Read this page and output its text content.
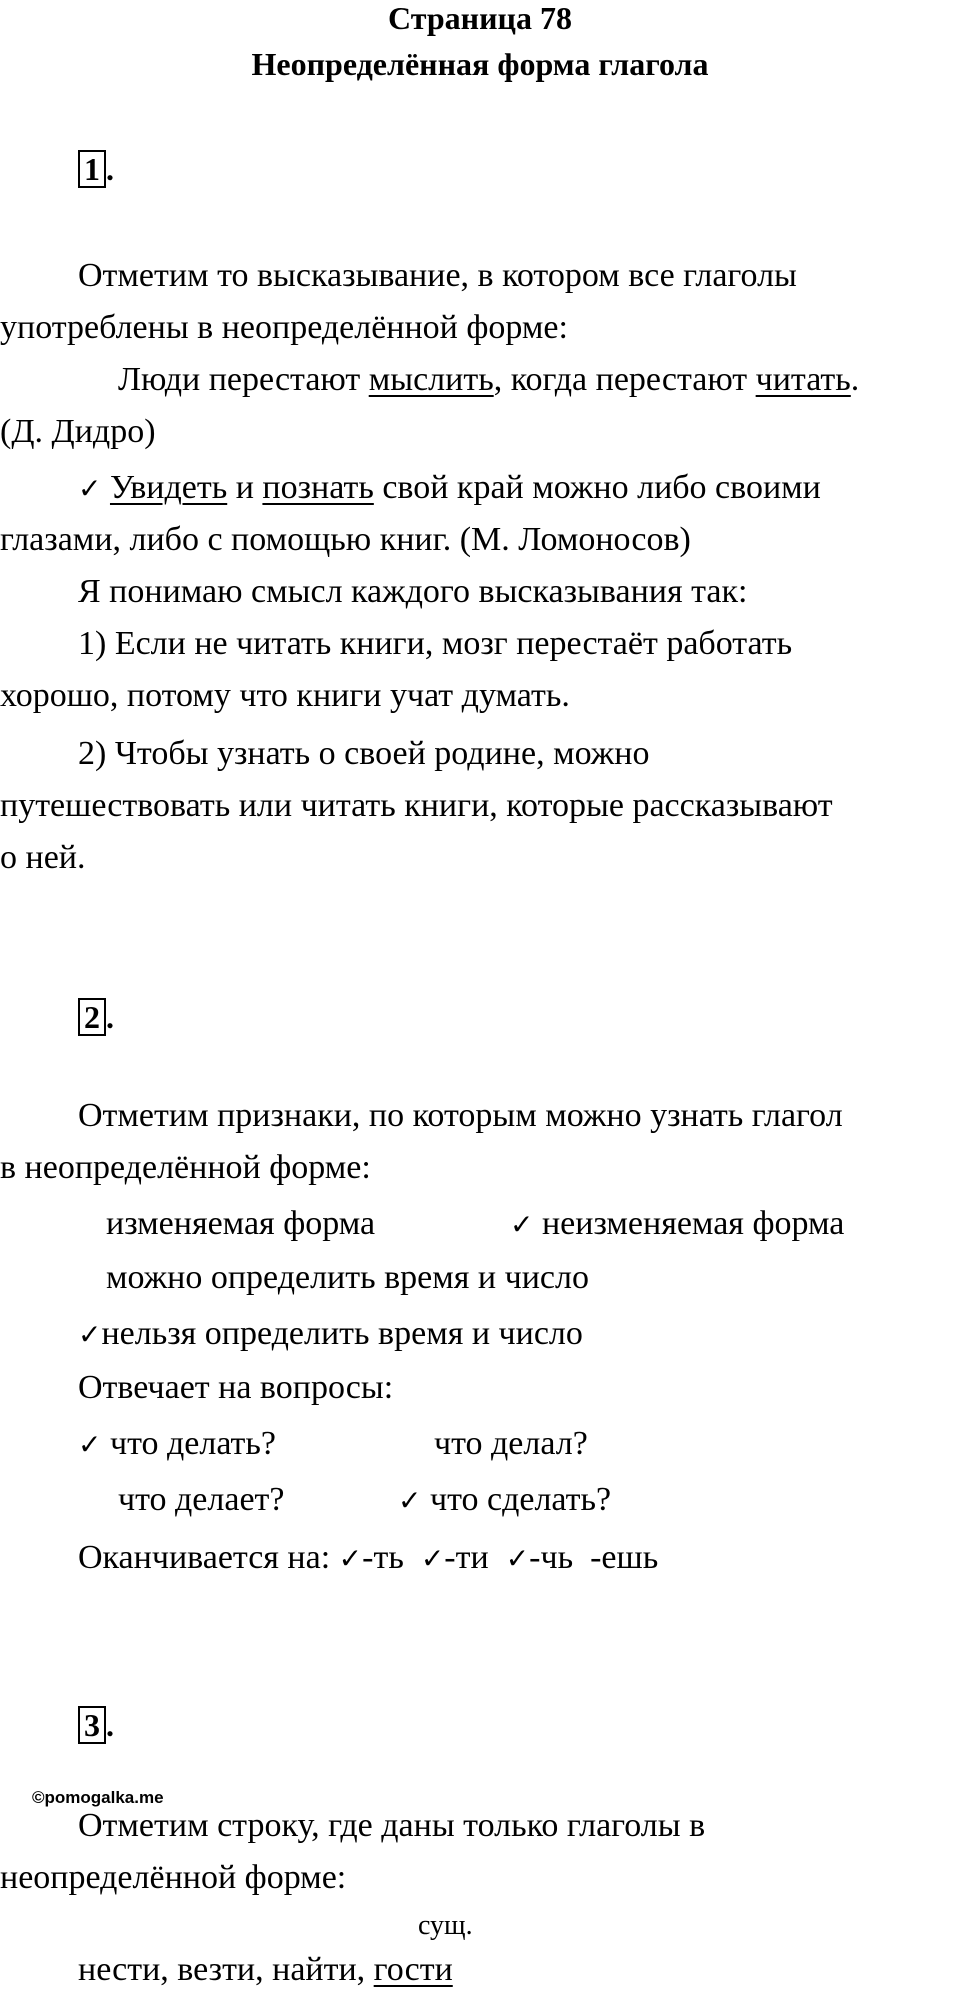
Страница 78
Неопределённая форма глагола
1 .
Отметим то высказывание, в котором все глаголы
употреблены в неопределённой форме:
Люди перестают мыслить, когда перестают читать.
(Д. Дидро)
✓ Увидеть и познать свой край можно либо своими
глазами, либо с помощью книг. (М. Ломоносов)
Я понимаю смысл каждого высказывания так:
1) Если не читать книги, мозг перестаёт работать
хорошо, потому что книги учат думать.
2) Чтобы узнать о своей родине, можно
путешествовать или читать книги, которые рассказывают
о ней.
2 .
Отметим признаки, по которым можно узнать глагол
в неопределённой форме:
изменяемая форма	✓ неизменяемая форма
можно определить время и число
✓нельзя определить время и число
Отвечает на вопросы:
✓ что делать?	что делал?
что делает?	✓ что сделать?
Оканчивается на: ✓-ть ✓-ти ✓-чь -ешь
3 .
©pomogalka.me
Отметим строку, где даны только глаголы в
неопределённой форме:
сущ.
нести, везти, найти, гости
